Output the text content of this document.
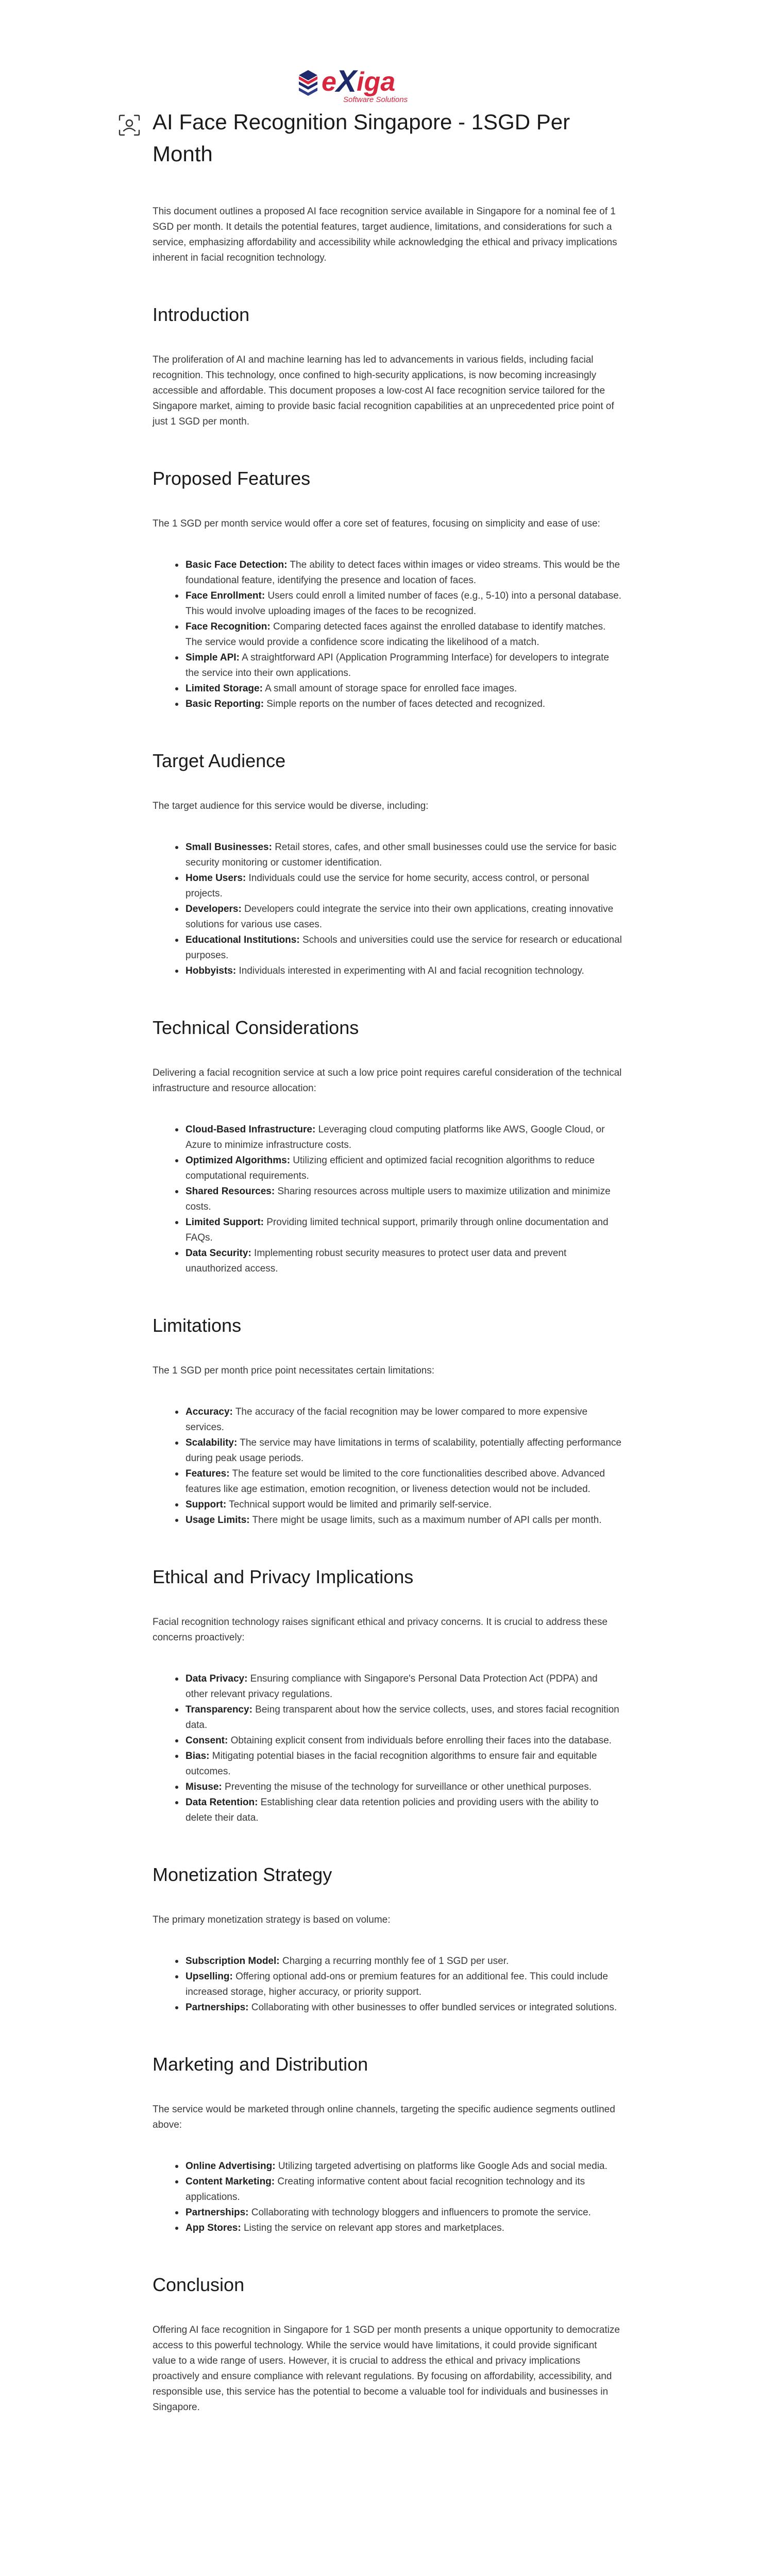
e X iga
Software Solutions
AI Face Recognition Singapore - 1SGD Per Month

This document outlines a proposed AI face recognition service available in Singapore for a nominal fee of 1 SGD per month. It details the potential features, target audience, limitations, and considerations for such a service, emphasizing affordability and accessibility while acknowledging the ethical and privacy implications inherent in facial recognition technology.

Introduction

The proliferation of AI and machine learning has led to advancements in various fields, including facial recognition. This technology, once confined to high-security applications, is now becoming increasingly accessible and affordable. This document proposes a low-cost AI face recognition service tailored for the Singapore market, aiming to provide basic facial recognition capabilities at an unprecedented price point of just 1 SGD per month.

Proposed Features

The 1 SGD per month service would offer a core set of features, focusing on simplicity and ease of use:

Basic Face Detection: The ability to detect faces within images or video streams. This would be the foundational feature, identifying the presence and location of faces.
Face Enrollment: Users could enroll a limited number of faces (e.g., 5-10) into a personal database. This would involve uploading images of the faces to be recognized.
Face Recognition: Comparing detected faces against the enrolled database to identify matches. The service would provide a confidence score indicating the likelihood of a match.
Simple API: A straightforward API (Application Programming Interface) for developers to integrate the service into their own applications.
Limited Storage: A small amount of storage space for enrolled face images.
Basic Reporting: Simple reports on the number of faces detected and recognized.
Target Audience

The target audience for this service would be diverse, including:

Small Businesses: Retail stores, cafes, and other small businesses could use the service for basic security monitoring or customer identification.
Home Users: Individuals could use the service for home security, access control, or personal projects.
Developers: Developers could integrate the service into their own applications, creating innovative solutions for various use cases.
Educational Institutions: Schools and universities could use the service for research or educational purposes.
Hobbyists: Individuals interested in experimenting with AI and facial recognition technology.
Technical Considerations

Delivering a facial recognition service at such a low price point requires careful consideration of the technical infrastructure and resource allocation:

Cloud-Based Infrastructure: Leveraging cloud computing platforms like AWS, Google Cloud, or Azure to minimize infrastructure costs.
Optimized Algorithms: Utilizing efficient and optimized facial recognition algorithms to reduce computational requirements.
Shared Resources: Sharing resources across multiple users to maximize utilization and minimize costs.
Limited Support: Providing limited technical support, primarily through online documentation and FAQs.
Data Security: Implementing robust security measures to protect user data and prevent unauthorized access.
Limitations

The 1 SGD per month price point necessitates certain limitations:

Accuracy: The accuracy of the facial recognition may be lower compared to more expensive services.
Scalability: The service may have limitations in terms of scalability, potentially affecting performance during peak usage periods.
Features: The feature set would be limited to the core functionalities described above. Advanced features like age estimation, emotion recognition, or liveness detection would not be included.
Support: Technical support would be limited and primarily self-service.
Usage Limits: There might be usage limits, such as a maximum number of API calls per month.
Ethical and Privacy Implications

Facial recognition technology raises significant ethical and privacy concerns. It is crucial to address these concerns proactively:

Data Privacy: Ensuring compliance with Singapore's Personal Data Protection Act (PDPA) and other relevant privacy regulations.
Transparency: Being transparent about how the service collects, uses, and stores facial recognition data.
Consent: Obtaining explicit consent from individuals before enrolling their faces into the database.
Bias: Mitigating potential biases in the facial recognition algorithms to ensure fair and equitable outcomes.
Misuse: Preventing the misuse of the technology for surveillance or other unethical purposes.
Data Retention: Establishing clear data retention policies and providing users with the ability to delete their data.
Monetization Strategy

The primary monetization strategy is based on volume:

Subscription Model: Charging a recurring monthly fee of 1 SGD per user.
Upselling: Offering optional add-ons or premium features for an additional fee. This could include increased storage, higher accuracy, or priority support.
Partnerships: Collaborating with other businesses to offer bundled services or integrated solutions.
Marketing and Distribution

The service would be marketed through online channels, targeting the specific audience segments outlined above:

Online Advertising: Utilizing targeted advertising on platforms like Google Ads and social media.
Content Marketing: Creating informative content about facial recognition technology and its applications.
Partnerships: Collaborating with technology bloggers and influencers to promote the service.
App Stores: Listing the service on relevant app stores and marketplaces.
Conclusion

Offering AI face recognition in Singapore for 1 SGD per month presents a unique opportunity to democratize access to this powerful technology. While the service would have limitations, it could provide significant value to a wide range of users. However, it is crucial to address the ethical and privacy implications proactively and ensure compliance with relevant regulations. By focusing on affordability, accessibility, and responsible use, this service has the potential to become a valuable tool for individuals and businesses in Singapore.
